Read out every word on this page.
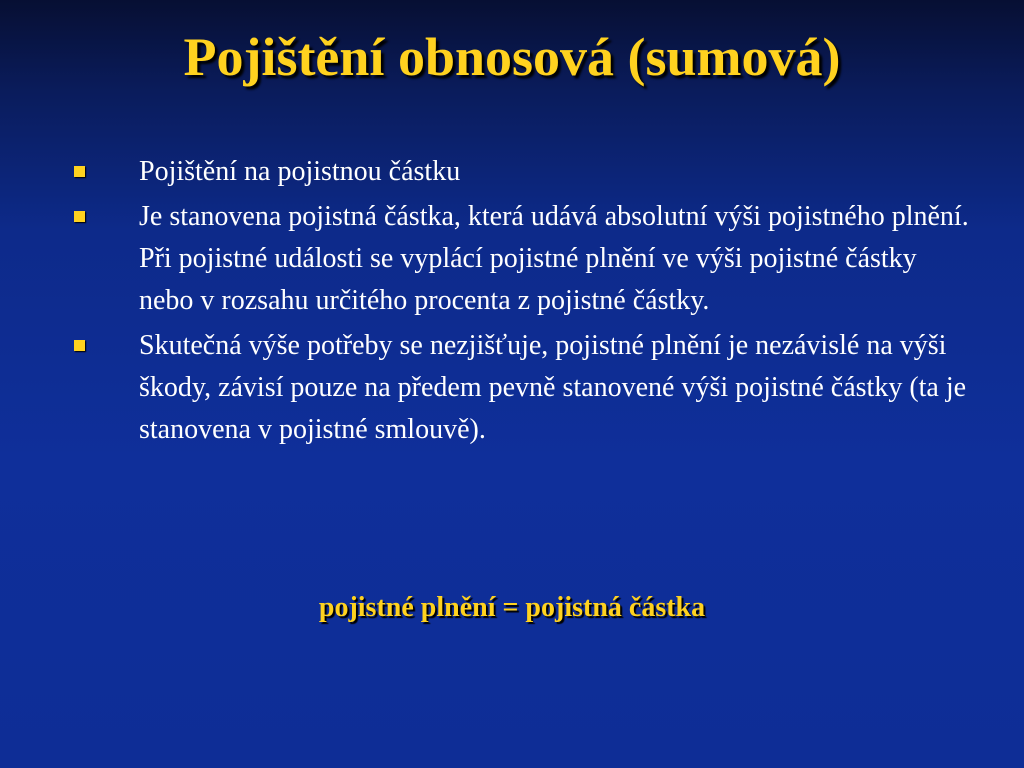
Pojištění obnosová (sumová)
Pojištění na pojistnou částku
Je stanovena pojistná částka, která udává absolutní výši pojistného plnění. Při pojistné události se vyplácí pojistné plnění ve výši pojistné částky nebo v rozsahu určitého procenta z pojistné částky.
Skutečná výše potřeby se nezjišťuje, pojistné plnění je nezávislé na výši škody, závisí pouze na předem pevně stanovené výši pojistné částky (ta je stanovena v pojistné smlouvě).
pojistné plnění = pojistná částka
